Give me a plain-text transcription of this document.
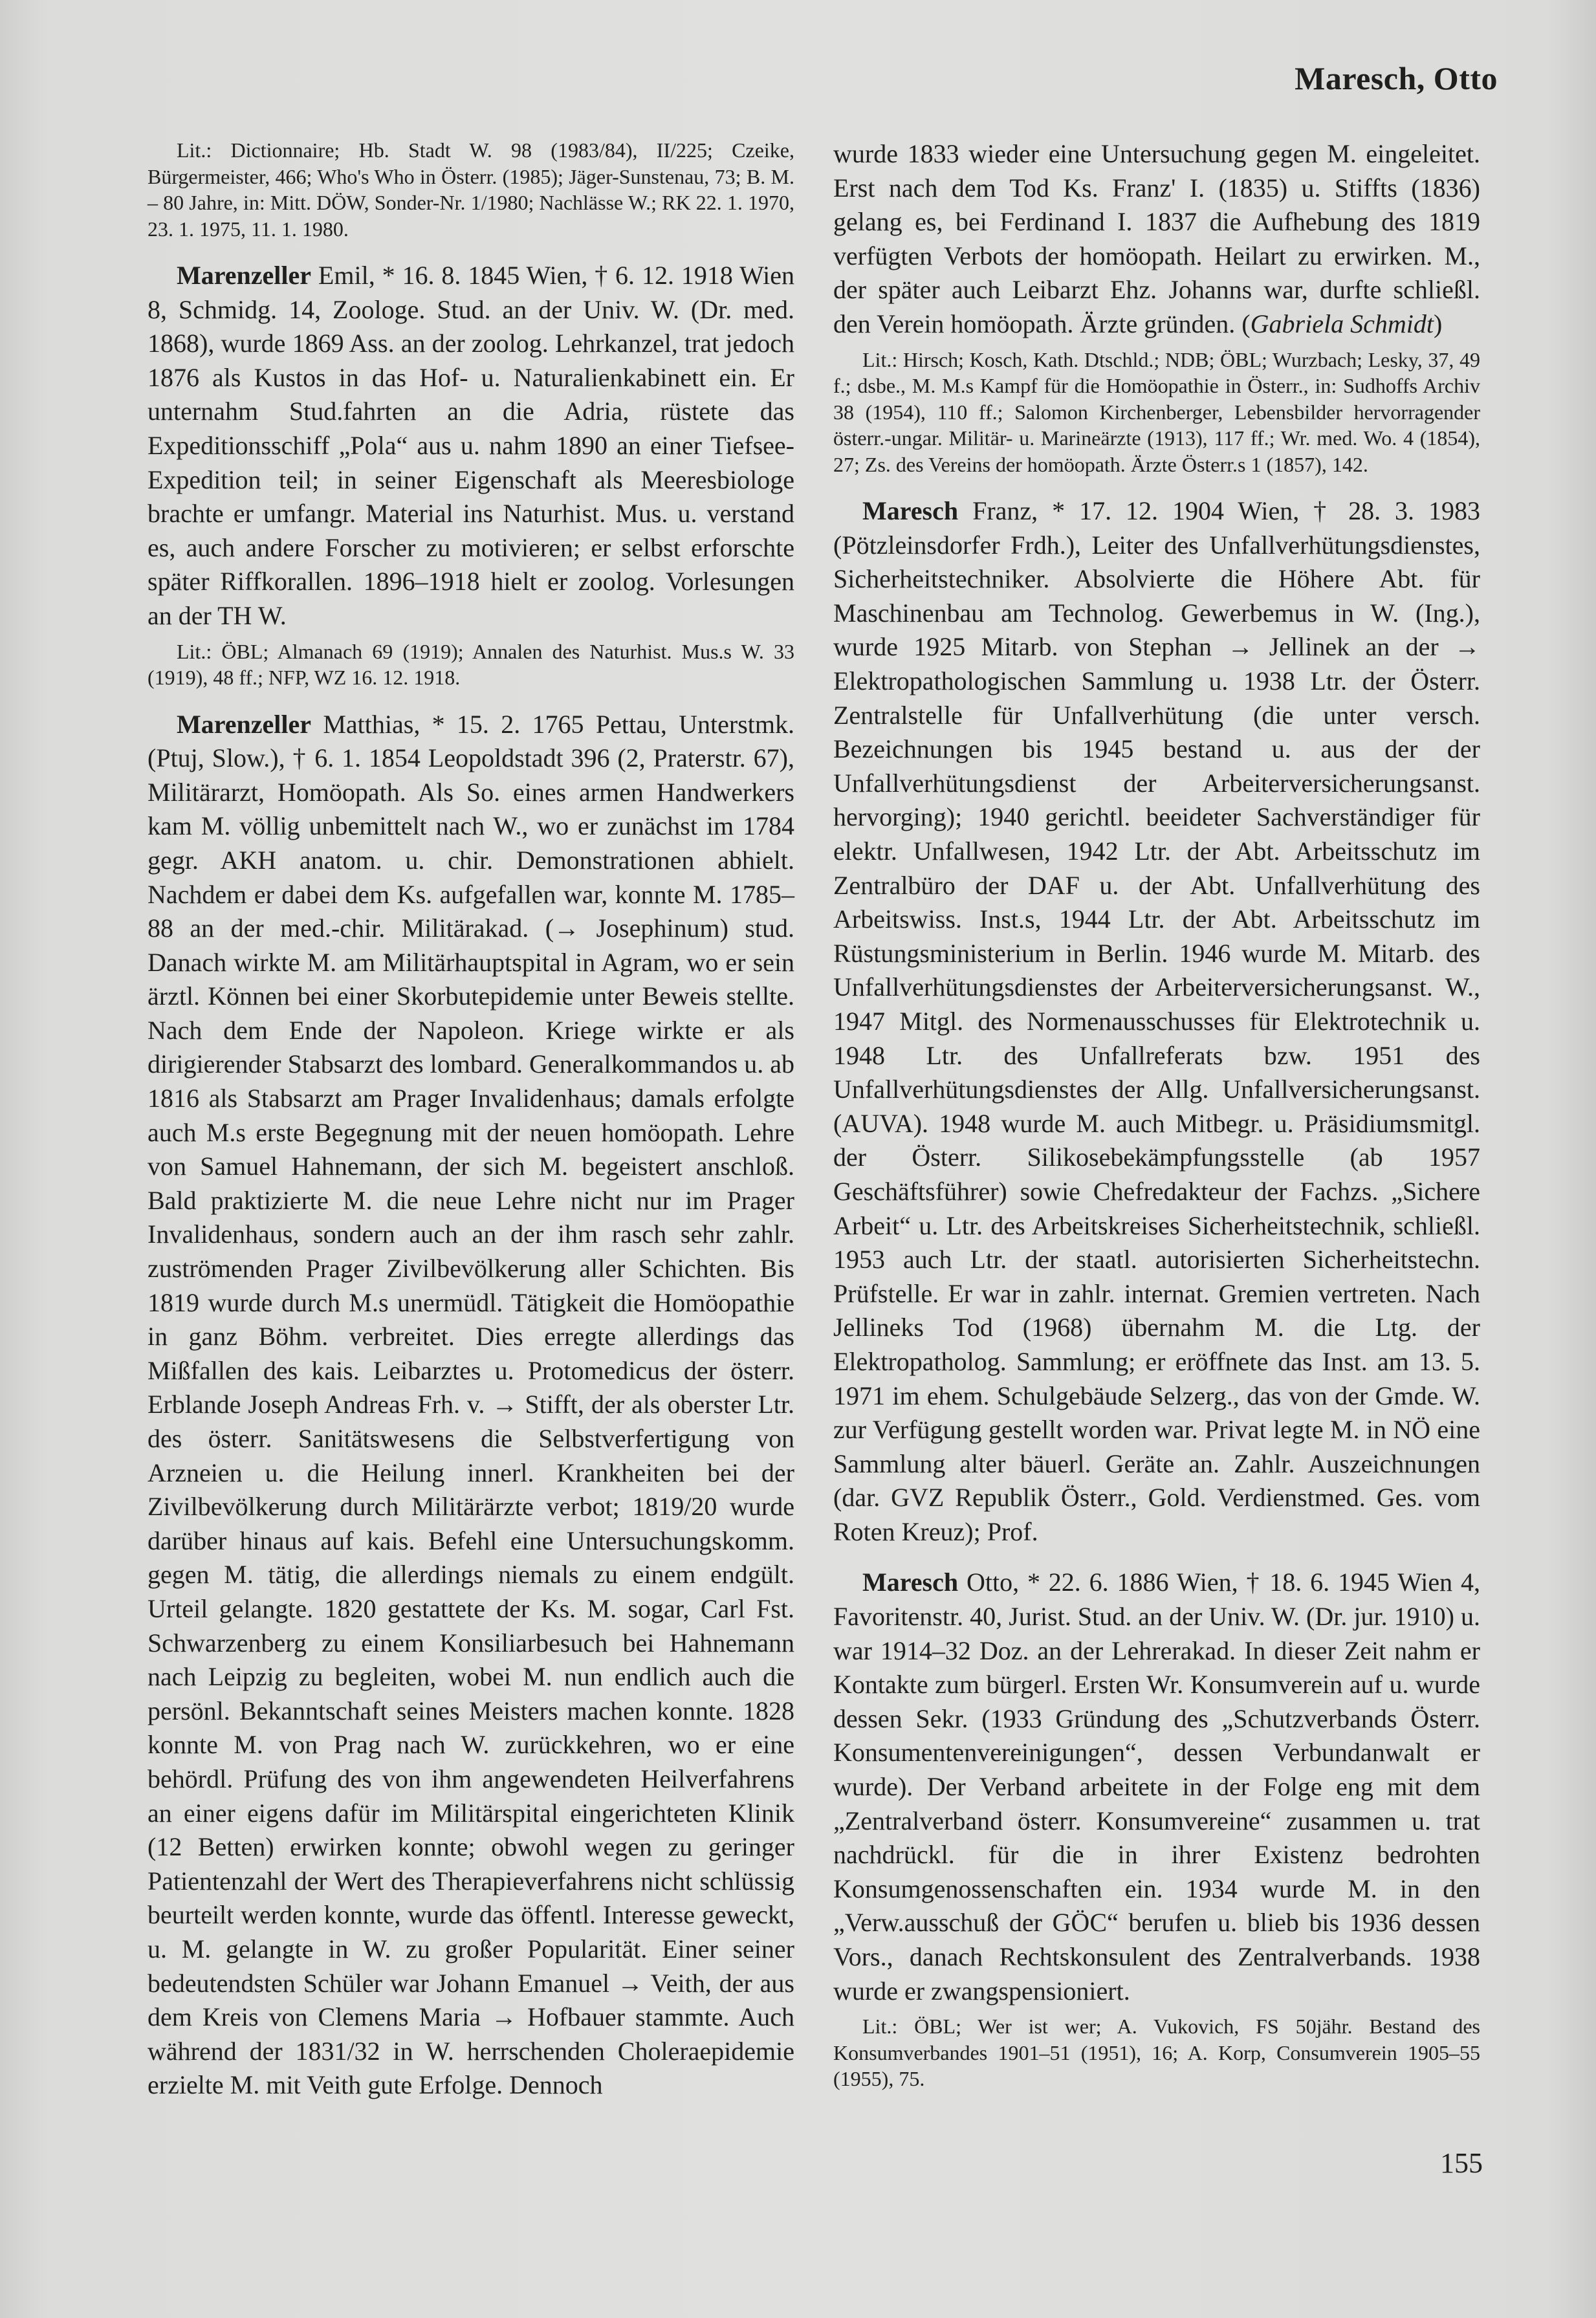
Maresch, Otto

Lit.: Dictionnaire; Hb. Stadt W. 98 (1983/84), II/225; Czeike, Bürgermeister, 466; Who's Who in Österr. (1985); Jäger-Sunstenau, 73; B. M. – 80 Jahre, in: Mitt. DÖW, Sonder-Nr. 1/1980; Nachlässe W.; RK 22. 1. 1970, 23. 1. 1975, 11. 1. 1980.

Marenzeller Emil, * 16. 8. 1845 Wien, † 6. 12. 1918 Wien 8, Schmidg. 14, Zoologe. Stud. an der Univ. W. (Dr. med. 1868), wurde 1869 Ass. an der zoolog. Lehrkanzel, trat jedoch 1876 als Kustos in das Hof- u. Naturalienkabinett ein. Er unternahm Stud.fahrten an die Adria, rüstete das Expeditionsschiff „Pola“ aus u. nahm 1890 an einer Tiefsee-Expedition teil; in seiner Eigenschaft als Meeresbiologe brachte er umfangr. Material ins Naturhist. Mus. u. verstand es, auch andere Forscher zu motivieren; er selbst erforschte später Riffkorallen. 1896–1918 hielt er zoolog. Vorlesungen an der TH W.

Lit.: ÖBL; Almanach 69 (1919); Annalen des Naturhist. Mus.s W. 33 (1919), 48 ff.; NFP, WZ 16. 12. 1918.

Marenzeller Matthias, * 15. 2. 1765 Pettau, Unterstmk. (Ptuj, Slow.), † 6. 1. 1854 Leopoldstadt 396 (2, Praterstr. 67), Militärarzt, Homöopath. Als So. eines armen Handwerkers kam M. völlig unbemittelt nach W., wo er zunächst im 1784 gegr. AKH anatom. u. chir. Demonstrationen abhielt. Nachdem er dabei dem Ks. aufgefallen war, konnte M. 1785–88 an der med.-chir. Militärakad. (→ Josephinum) stud. Danach wirkte M. am Militärhauptspital in Agram, wo er sein ärztl. Können bei einer Skorbutepidemie unter Beweis stellte. Nach dem Ende der Napoleon. Kriege wirkte er als dirigierender Stabsarzt des lombard. Generalkommandos u. ab 1816 als Stabsarzt am Prager Invalidenhaus; damals erfolgte auch M.s erste Begegnung mit der neuen homöopath. Lehre von Samuel Hahnemann, der sich M. begeistert anschloß. Bald praktizierte M. die neue Lehre nicht nur im Prager Invalidenhaus, sondern auch an der ihm rasch sehr zahlr. zuströmenden Prager Zivilbevölkerung aller Schichten. Bis 1819 wurde durch M.s unermüdl. Tätigkeit die Homöopathie in ganz Böhm. verbreitet. Dies erregte allerdings das Mißfallen des kais. Leibarztes u. Protomedicus der österr. Erblande Joseph Andreas Frh. v. → Stifft, der als oberster Ltr. des österr. Sanitätswesens die Selbstverfertigung von Arzneien u. die Heilung innerl. Krankheiten bei der Zivilbevölkerung durch Militärärzte verbot; 1819/20 wurde darüber hinaus auf kais. Befehl eine Untersuchungskomm. gegen M. tätig, die allerdings niemals zu einem endgült. Urteil gelangte. 1820 gestattete der Ks. M. sogar, Carl Fst. Schwarzenberg zu einem Konsiliarbesuch bei Hahnemann nach Leipzig zu begleiten, wobei M. nun endlich auch die persönl. Bekanntschaft seines Meisters machen konnte. 1828 konnte M. von Prag nach W. zurückkehren, wo er eine behördl. Prüfung des von ihm angewendeten Heilverfahrens an einer eigens dafür im Militärspital eingerichteten Klinik (12 Betten) erwirken konnte; obwohl wegen zu geringer Patientenzahl der Wert des Therapieverfahrens nicht schlüssig beurteilt werden konnte, wurde das öffentl. Interesse geweckt, u. M. gelangte in W. zu großer Popularität. Einer seiner bedeutendsten Schüler war Johann Emanuel → Veith, der aus dem Kreis von Clemens Maria → Hofbauer stammte. Auch während der 1831/32 in W. herrschenden Choleraepidemie erzielte M. mit Veith gute Erfolge. Dennoch

wurde 1833 wieder eine Untersuchung gegen M. eingeleitet. Erst nach dem Tod Ks. Franz' I. (1835) u. Stiffts (1836) gelang es, bei Ferdinand I. 1837 die Aufhebung des 1819 verfügten Verbots der homöopath. Heilart zu erwirken. M., der später auch Leibarzt Ehz. Johanns war, durfte schließl. den Verein homöopath. Ärzte gründen. (Gabriela Schmidt)

Lit.: Hirsch; Kosch, Kath. Dtschld.; NDB; ÖBL; Wurzbach; Lesky, 37, 49 f.; dsbe., M. M.s Kampf für die Homöopathie in Österr., in: Sudhoffs Archiv 38 (1954), 110 ff.; Salomon Kirchenberger, Lebensbilder hervorragender österr.-ungar. Militär- u. Marineärzte (1913), 117 ff.; Wr. med. Wo. 4 (1854), 27; Zs. des Vereins der homöopath. Ärzte Österr.s 1 (1857), 142.

Maresch Franz, * 17. 12. 1904 Wien, † 28. 3. 1983 (Pötzleinsdorfer Frdh.), Leiter des Unfallverhütungsdienstes, Sicherheitstechniker. Absolvierte die Höhere Abt. für Maschinenbau am Technolog. Gewerbemus in W. (Ing.), wurde 1925 Mitarb. von Stephan → Jellinek an der → Elektropathologischen Sammlung u. 1938 Ltr. der Österr. Zentralstelle für Unfallverhütung (die unter versch. Bezeichnungen bis 1945 bestand u. aus der der Unfallverhütungsdienst der Arbeiterversicherungsanst. hervorging); 1940 gerichtl. beeideter Sachverständiger für elektr. Unfallwesen, 1942 Ltr. der Abt. Arbeitsschutz im Zentralbüro der DAF u. der Abt. Unfallverhütung des Arbeitswiss. Inst.s, 1944 Ltr. der Abt. Arbeitsschutz im Rüstungsministerium in Berlin. 1946 wurde M. Mitarb. des Unfallverhütungsdienstes der Arbeiterversicherungsanst. W., 1947 Mitgl. des Normenausschusses für Elektrotechnik u. 1948 Ltr. des Unfallreferats bzw. 1951 des Unfallverhütungsdienstes der Allg. Unfallversicherungsanst. (AUVA). 1948 wurde M. auch Mitbegr. u. Präsidiumsmitgl. der Österr. Silikosebekämpfungsstelle (ab 1957 Geschäftsführer) sowie Chefredakteur der Fachzs. „Sichere Arbeit“ u. Ltr. des Arbeitskreises Sicherheitstechnik, schließl. 1953 auch Ltr. der staatl. autorisierten Sicherheitstechn. Prüfstelle. Er war in zahlr. internat. Gremien vertreten. Nach Jellineks Tod (1968) übernahm M. die Ltg. der Elektropatholog. Sammlung; er eröffnete das Inst. am 13. 5. 1971 im ehem. Schulgebäude Selzerg., das von der Gmde. W. zur Verfügung gestellt worden war. Privat legte M. in NÖ eine Sammlung alter bäuerl. Geräte an. Zahlr. Auszeichnungen (dar. GVZ Republik Österr., Gold. Verdienstmed. Ges. vom Roten Kreuz); Prof.

Maresch Otto, * 22. 6. 1886 Wien, † 18. 6. 1945 Wien 4, Favoritenstr. 40, Jurist. Stud. an der Univ. W. (Dr. jur. 1910) u. war 1914–32 Doz. an der Lehrerakad. In dieser Zeit nahm er Kontakte zum bürgerl. Ersten Wr. Konsumverein auf u. wurde dessen Sekr. (1933 Gründung des „Schutzverbands Österr. Konsumentenvereinigungen“, dessen Verbundanwalt er wurde). Der Verband arbeitete in der Folge eng mit dem „Zentralverband österr. Konsumvereine“ zusammen u. trat nachdrückl. für die in ihrer Existenz bedrohten Konsumgenossenschaften ein. 1934 wurde M. in den „Verw.ausschuß der GÖC“ berufen u. blieb bis 1936 dessen Vors., danach Rechtskonsulent des Zentralverbands. 1938 wurde er zwangspensioniert.

Lit.: ÖBL; Wer ist wer; A. Vukovich, FS 50jähr. Bestand des Konsumverbandes 1901–51 (1951), 16; A. Korp, Consumverein 1905–55 (1955), 75.

155
